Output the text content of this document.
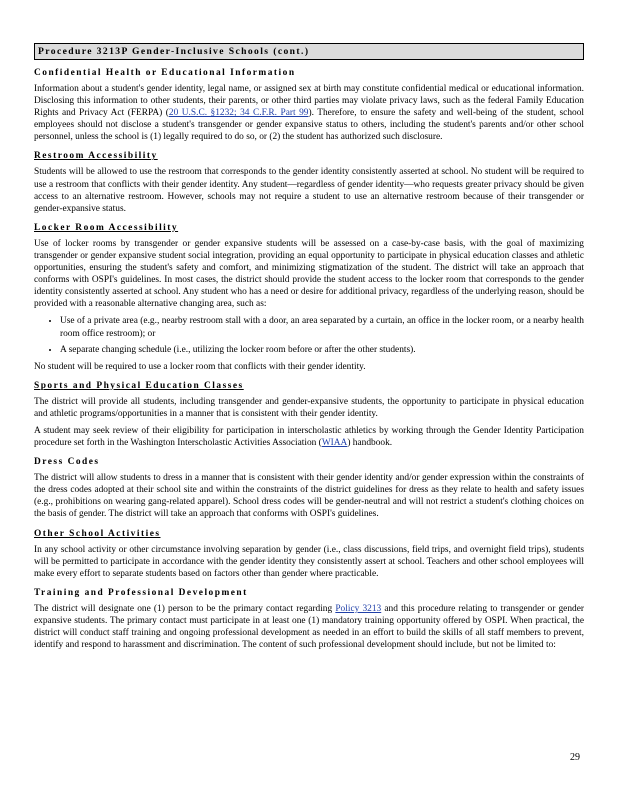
Procedure 3213P Gender-Inclusive Schools (cont.)
Confidential Health or Educational Information

Information about a student's gender identity, legal name, or assigned sex at birth may constitute confidential medical or educational information. Disclosing this information to other students, their parents, or other third parties may violate privacy laws, such as the federal Family Education Rights and Privacy Act (FERPA) (20 U.S.C. §1232; 34 C.F.R. Part 99). Therefore, to ensure the safety and well-being of the student, school employees should not disclose a student's transgender or gender expansive status to others, including the student's parents and/or other school personnel, unless the school is (1) legally required to do so, or (2) the student has authorized such disclosure.

Restroom Accessibility

Students will be allowed to use the restroom that corresponds to the gender identity consistently asserted at school. No student will be required to use a restroom that conflicts with their gender identity. Any student—regardless of gender identity—who requests greater privacy should be given access to an alternative restroom. However, schools may not require a student to use an alternative restroom because of their transgender or gender-expansive status.

Locker Room Accessibility

Use of locker rooms by transgender or gender expansive students will be assessed on a case-by-case basis, with the goal of maximizing transgender or gender expansive student social integration, providing an equal opportunity to participate in physical education classes and athletic opportunities, ensuring the student's safety and comfort, and minimizing stigmatization of the student. The district will take an approach that conforms with OSPI's guidelines. In most cases, the district should provide the student access to the locker room that corresponds to the gender identity consistently asserted at school. Any student who has a need or desire for additional privacy, regardless of the underlying reason, should be provided with a reasonable alternative changing area, such as:

• Use of a private area (e.g., nearby restroom stall with a door, an area separated by a curtain, an office in the locker room, or a nearby health room office restroom); or
• A separate changing schedule (i.e., utilizing the locker room before or after the other students).

No student will be required to use a locker room that conflicts with their gender identity.

Sports and Physical Education Classes

The district will provide all students, including transgender and gender-expansive students, the opportunity to participate in physical education and athletic programs/opportunities in a manner that is consistent with their gender identity.

A student may seek review of their eligibility for participation in interscholastic athletics by working through the Gender Identity Participation procedure set forth in the Washington Interscholastic Activities Association (WIAA) handbook.

Dress Codes

The district will allow students to dress in a manner that is consistent with their gender identity and/or gender expression within the constraints of the dress codes adopted at their school site and within the constraints of the district guidelines for dress as they relate to health and safety issues (e.g., prohibitions on wearing gang-related apparel). School dress codes will be gender-neutral and will not restrict a student's clothing choices on the basis of gender. The district will take an approach that conforms with OSPI's guidelines.

Other School Activities

In any school activity or other circumstance involving separation by gender (i.e., class discussions, field trips, and overnight field trips), students will be permitted to participate in accordance with the gender identity they consistently assert at school. Teachers and other school employees will make every effort to separate students based on factors other than gender where practicable.

Training and Professional Development

The district will designate one (1) person to be the primary contact regarding Policy 3213 and this procedure relating to transgender or gender expansive students. The primary contact must participate in at least one (1) mandatory training opportunity offered by OSPI. When practical, the district will conduct staff training and ongoing professional development as needed in an effort to build the skills of all staff members to prevent, identify and respond to harassment and discrimination. The content of such professional development should include, but not be limited to:

29
